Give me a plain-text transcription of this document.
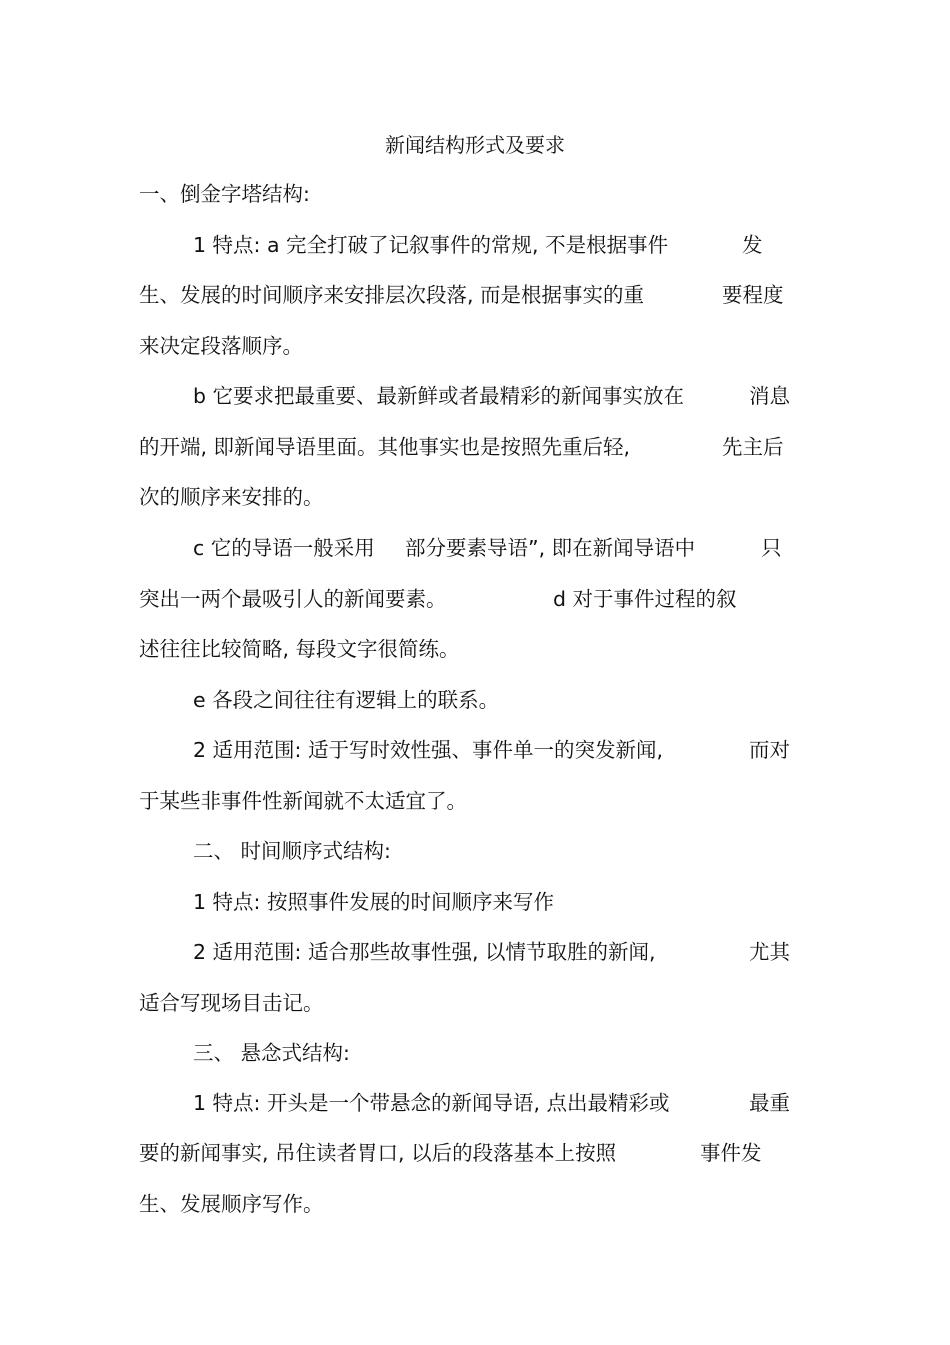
新闻结构形式及要求
一、倒金字塔结构:
1 特点: a 完全打破了记叙事件的常规, 不是根据事件	发
生、发展的时间顺序来安排层次段落, 而是根据事实的重	要程度
来决定段落顺序。
b 它要求把最重要、最新鲜或者最精彩的新闻事实放在	消息
的开端, 即新闻导语里面。其他事实也是按照先重后轻,	先主后
次的顺序来安排的。
c 它的导语一般采用 部分要素导语”, 即在新闻导语中	只
突出一两个最吸引人的新闻要素。	d 对于事件过程的叙
述往往比较简略, 每段文字很简练。
e 各段之间往往有逻辑上的联系。
2 适用范围: 适于写时效性强、事件单一的突发新闻,	而对
于某些非事件性新闻就不太适宜了。
二、 时间顺序式结构:
1 特点: 按照事件发展的时间顺序来写作
2 适用范围: 适合那些故事性强, 以情节取胜的新闻,	尤其
适合写现场目击记。
三、 悬念式结构:
1 特点: 开头是一个带悬念的新闻导语, 点出最精彩或	最重
要的新闻事实, 吊住读者胃口, 以后的段落基本上按照	事件发
生、发展顺序写作。
